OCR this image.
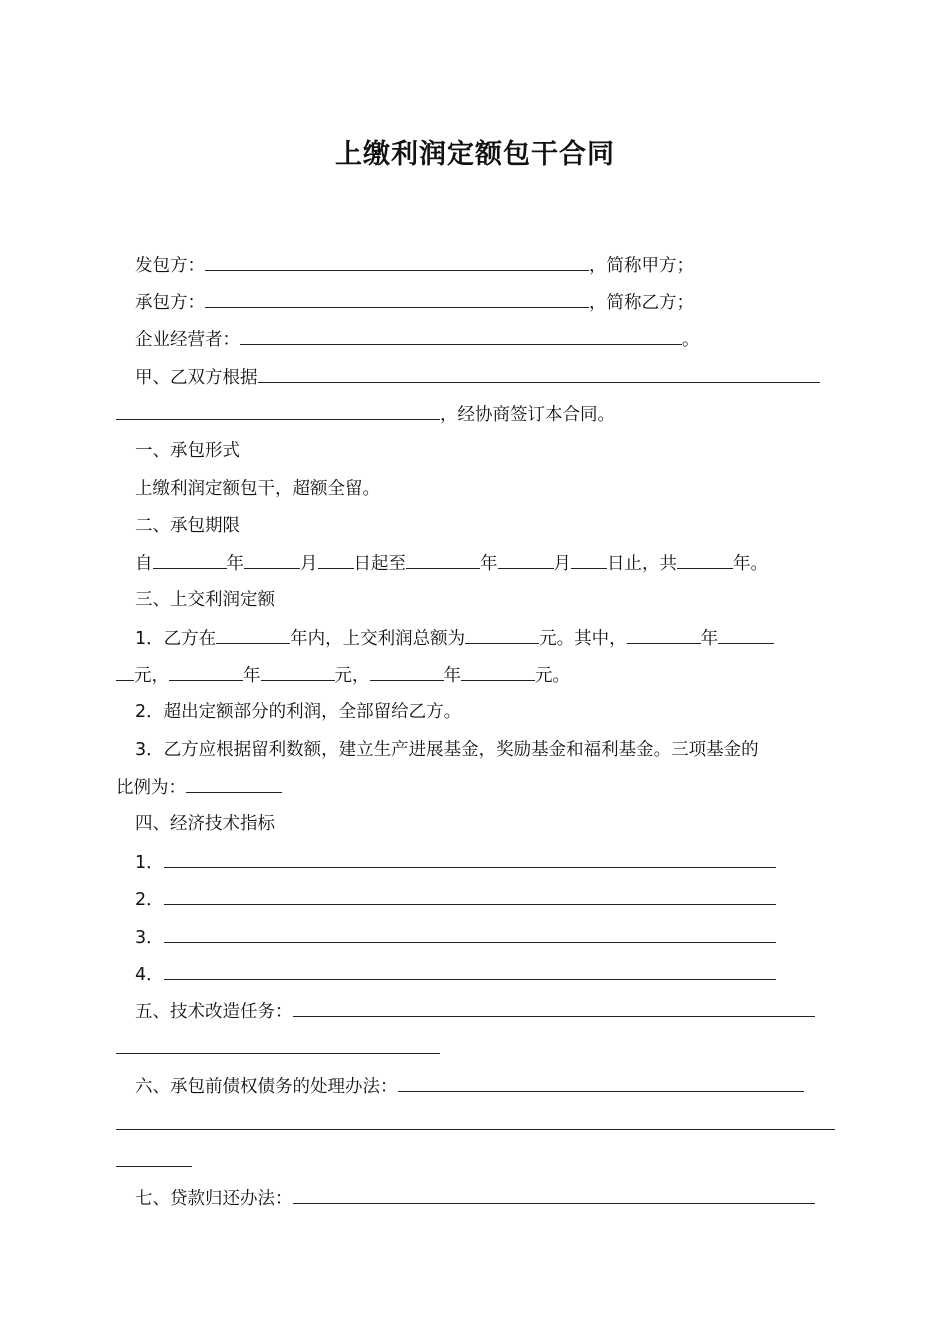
上缴利润定额包干合同
发包方：	，简称甲方；
承包方：	，简称乙方；
企业经营者：	。
甲、乙双方根据
，经协商签订本合同。
一、承包形式
上缴利润定额包干，超额全留。
二、承包期限
自	年	月 日起至	年	月 日止，共	年。
三、上交利润定额
1．乙方在	年内，上交利润总额为	元。其中，	年
元，	年	元，	年	元。
2．超出定额部分的利润，全部留给乙方。
3．乙方应根据留利数额，建立生产进展基金，奖励基金和福利基金。三项基金的
比例为：
四、经济技术指标
1．
2．
3．
4．
五、技术改造任务：
六、承包前债权债务的处理办法：
七、贷款归还办法：
